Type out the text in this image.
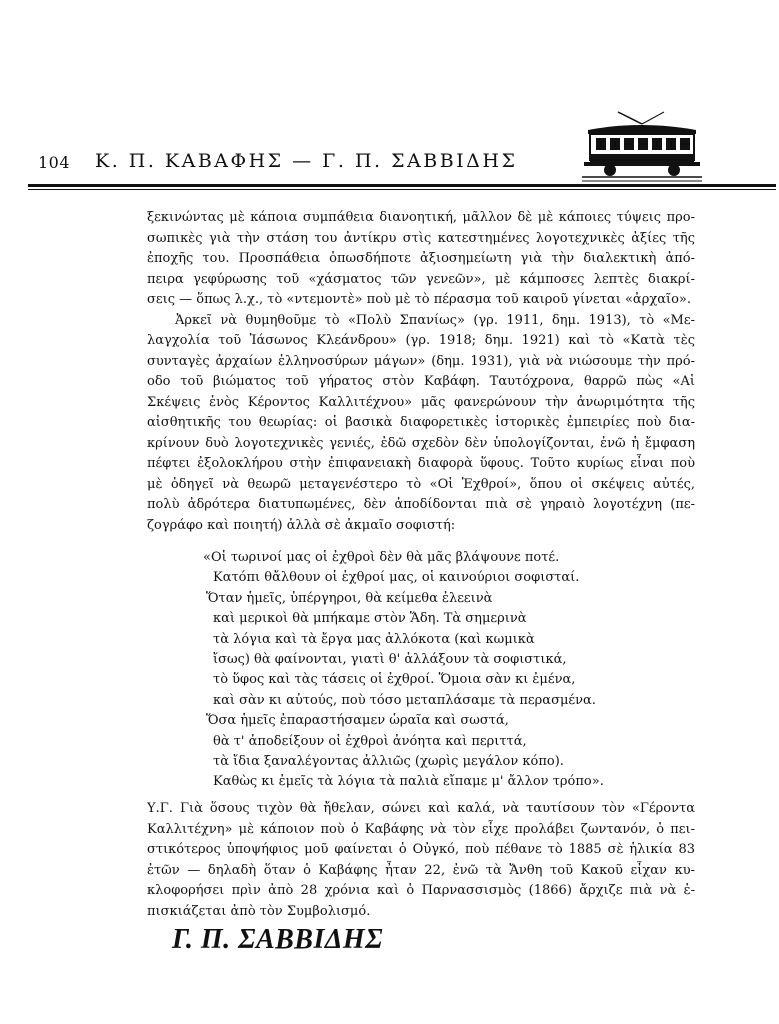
104 Κ. Π. ΚΑΒΑΦΗΣ — Γ. Π. ΣΑΒΒΙΔΗΣ
ξεκινώντας μὲ κάποια συμπάθεια διανοητική, μᾶλλον δὲ μὲ κάποιες τύψεις προ-
σωπικὲς γιὰ τὴν στάση του ἀντίκρυ στὶς κατεστημένες λογοτεχνικὲς ἀξίες τῆς
ἐποχῆς του. Προσπάθεια ὁπωσδήποτε ἀξιοσημείωτη γιὰ τὴν διαλεκτικὴ ἀπό-
πειρα γεφύρωσης τοῦ «χάσματος τῶν γενεῶν», μὲ κάμποσες λεπτὲς διακρί-
σεις — ὅπως λ.χ., τὸ «ντεμοντὲ» ποὺ μὲ τὸ πέρασμα τοῦ καιροῦ γίνεται «ἀρχαῖο».
Ἀρκεῖ νὰ θυμηθοῦμε τὸ «Πολὺ Σπανίως» (γρ. 1911, δημ. 1913), τὸ «Με-
λαγχολία τοῦ Ἰάσωνος Κλεάνδρου» (γρ. 1918; δημ. 1921) καὶ τὸ «Κατὰ τὲς
συνταγὲς ἀρχαίων ἑλληνοσύρων μάγων» (δημ. 1931), γιὰ νὰ νιώσουμε τὴν πρό-
οδο τοῦ βιώματος τοῦ γήρατος στὸν Καβάφη. Ταυτόχρονα, θαρρῶ πὼς «Αἱ
Σκέψεις ἑνὸς Κέροντος Καλλιτέχνου» μᾶς φανερώνουν τὴν ἀνωριμότητα τῆς
αἰσθητικῆς του θεωρίας: οἱ βασικὰ διαφορετικὲς ἱστορικὲς ἐμπειρίες ποὺ δια-
κρίνουν δυὸ λογοτεχνικὲς γενιές, ἐδῶ σχεδὸν δὲν ὑπολογίζονται, ἐνῶ ἡ ἔμφαση
πέφτει ἐξολοκλήρου στὴν ἐπιφανειακὴ διαφορὰ ὕφους. Τοῦτο κυρίως εἶναι ποὺ
μὲ ὁδηγεῖ νὰ θεωρῶ μεταγενέστερο τὸ «Οἱ Ἐχθροί», ὅπου οἱ σκέψεις αὐτές,
πολὺ ἀδρότερα διατυπωμένες, δὲν ἀποδίδονται πιὰ σὲ γηραιὸ λογοτέχνη (πε-
ζογράφο καὶ ποιητή) ἀλλὰ σὲ ἀκμαῖο σοφιστή:
«Οἱ τωρινοί μας οἱ ἐχθροὶ δὲν θὰ μᾶς βλάψουνε ποτέ.
Κατόπι θἄλθουν οἱ ἐχθροί μας, οἱ καινούριοι σοφισταί.
Ὅταν ἡμεῖς, ὑπέργηροι, θὰ κείμεθα ἐλεεινὰ
καὶ μερικοὶ θὰ μπήκαμε στὸν Ἅδη. Τὰ σημερινὰ
τὰ λόγια καὶ τὰ ἔργα μας ἀλλόκοτα (καὶ κωμικὰ
ἴσως) θὰ φαίνονται, γιατὶ θ' ἀλλάξουν τὰ σοφιστικά,
τὸ ὕφος καὶ τὰς τάσεις οἱ ἐχθροί. Ὅμοια σὰν κι ἐμένα,
καὶ σὰν κι αὐτούς, ποὺ τόσο μεταπλάσαμε τὰ περασμένα.
Ὅσα ἡμεῖς ἐπαραστήσαμεν ὡραῖα καὶ σωστά,
θὰ τ' ἀποδείξουν οἱ ἐχθροὶ ἀνόητα καὶ περιττά,
τὰ ἴδια ξαναλέγοντας ἀλλιῶς (χωρὶς μεγάλον κόπο).
Καθὼς κι ἐμεῖς τὰ λόγια τὰ παλιὰ εἴπαμε μ' ἄλλον τρόπο».
Υ.Γ. Γιὰ ὅσους τιχὸν θὰ ἤθελαν, σώνει καὶ καλά, νὰ ταυτίσουν τὸν «Γέροντα
Καλλιτέχνη» μὲ κάποιον ποὺ ὁ Καβάφης νὰ τὸν εἶχε προλάβει ζωντανόν, ὁ πει-
στικότερος ὑποψήφιος μοῦ φαίνεται ὁ Οὐγκό, ποὺ πέθανε τὸ 1885 σὲ ἡλικία 83
ἐτῶν — δηλαδὴ ὅταν ὁ Καβάφης ἦταν 22, ἐνῶ τὰ Ἄνθη τοῦ Κακοῦ εἶχαν κυ-
κλοφορήσει πρὶν ἀπὸ 28 χρόνια καὶ ὁ Παρνασσισμὸς (1866) ἄρχιζε πιὰ νὰ ἐ-
πισκιάζεται ἀπὸ τὸν Συμβολισμό.
Γ. Π. ΣΑΒΒΙΔΗΣ
